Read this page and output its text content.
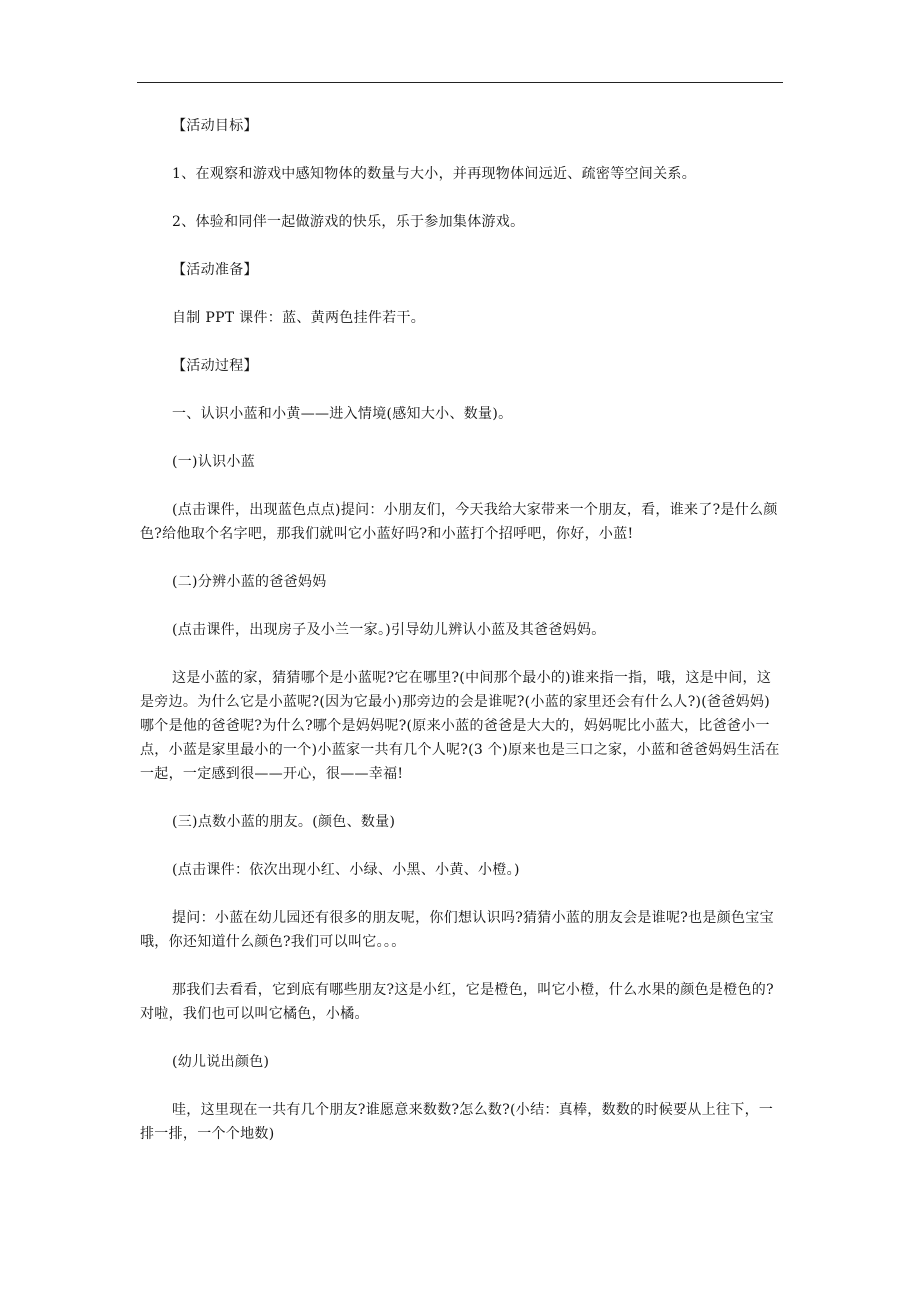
【活动目标】

1、在观察和游戏中感知物体的数量与大小，并再现物体间远近、疏密等空间关系。

2、体验和同伴一起做游戏的快乐，乐于参加集体游戏。

【活动准备】

自制 PPT 课件：蓝、黄两色挂件若干。

【活动过程】

一、认识小蓝和小黄——进入情境(感知大小、数量)。

(一)认识小蓝

(点击课件，出现蓝色点点)提问：小朋友们，今天我给大家带来一个朋友，看，谁来了?是什么颜色?给他取个名字吧，那我们就叫它小蓝好吗?和小蓝打个招呼吧，你好，小蓝!

(二)分辨小蓝的爸爸妈妈

(点击课件，出现房子及小兰一家。)引导幼儿辨认小蓝及其爸爸妈妈。

这是小蓝的家，猜猜哪个是小蓝呢?它在哪里?(中间那个最小的)谁来指一指，哦，这是中间，这是旁边。为什么它是小蓝呢?(因为它最小)那旁边的会是谁呢?(小蓝的家里还会有什么人?)(爸爸妈妈)哪个是他的爸爸呢?为什么?哪个是妈妈呢?(原来小蓝的爸爸是大大的，妈妈呢比小蓝大，比爸爸小一点，小蓝是家里最小的一个)小蓝家一共有几个人呢?(3 个)原来也是三口之家，小蓝和爸爸妈妈生活在一起，一定感到很——开心，很——幸福!

(三)点数小蓝的朋友。(颜色、数量)

(点击课件：依次出现小红、小绿、小黑、小黄、小橙。)

提问：小蓝在幼儿园还有很多的朋友呢，你们想认识吗?猜猜小蓝的朋友会是谁呢?也是颜色宝宝哦，你还知道什么颜色?我们可以叫它。。。

那我们去看看，它到底有哪些朋友?这是小红，它是橙色，叫它小橙，什么水果的颜色是橙色的?对啦，我们也可以叫它橘色，小橘。

(幼儿说出颜色)

哇，这里现在一共有几个朋友?谁愿意来数数?怎么数?(小结：真棒，数数的时候要从上往下，一排一排，一个个地数)
